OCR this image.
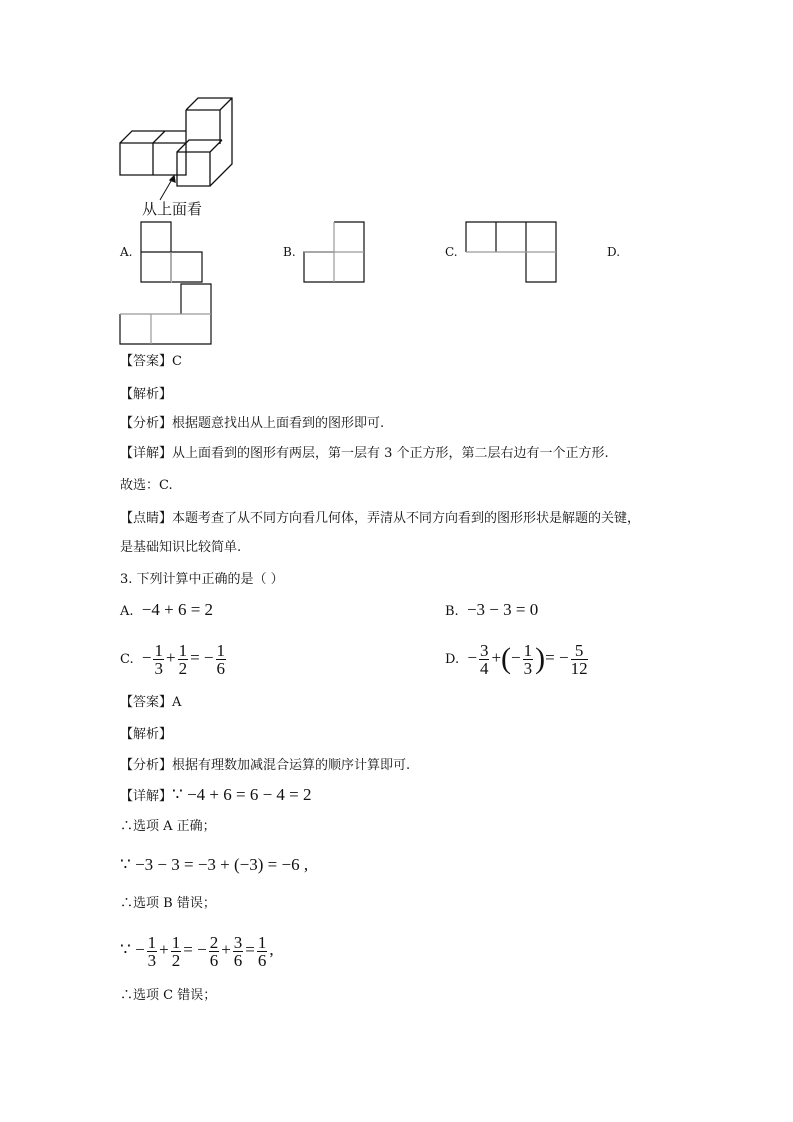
从上面看
A.	B.	C.	D.
【答案】C
【解析】
【分析】根据题意找出从上面看到的图形即可.
【详解】从上面看到的图形有两层，第一层有 3 个正方形，第二层右边有一个正方形.
故选：C.
【点睛】本题考查了从不同方向看几何体，弄清从不同方向看到的图形形状是解题的关键，
是基础知识比较简单.
3. 下列计算中正确的是（ ）
A. −4 + 6 = 2	B. −3 − 3 = 0
C. − $\frac{1}{3} + \frac{1}{2}$ = − $\frac{1}{6}$	D. − $\frac{3}{4}$ +(− $\frac{1}{3}$ )= − $\frac{5}{12}$
【答案】A
【解析】
【分析】根据有理数加减混合运算的顺序计算即可.
【详解】∵ −4 + 6 = 6 − 4 = 2
∴选项 A 正确；
∵ −3 − 3 = −3 + (−3) = −6 ,
∴选项 B 错误；
∵ − $\frac{1}{3} + \frac{1}{2}$ = − $\frac{2}{6} + \frac{3}{6} = \frac{1}{6}$ ,
∴选项 C 错误；
